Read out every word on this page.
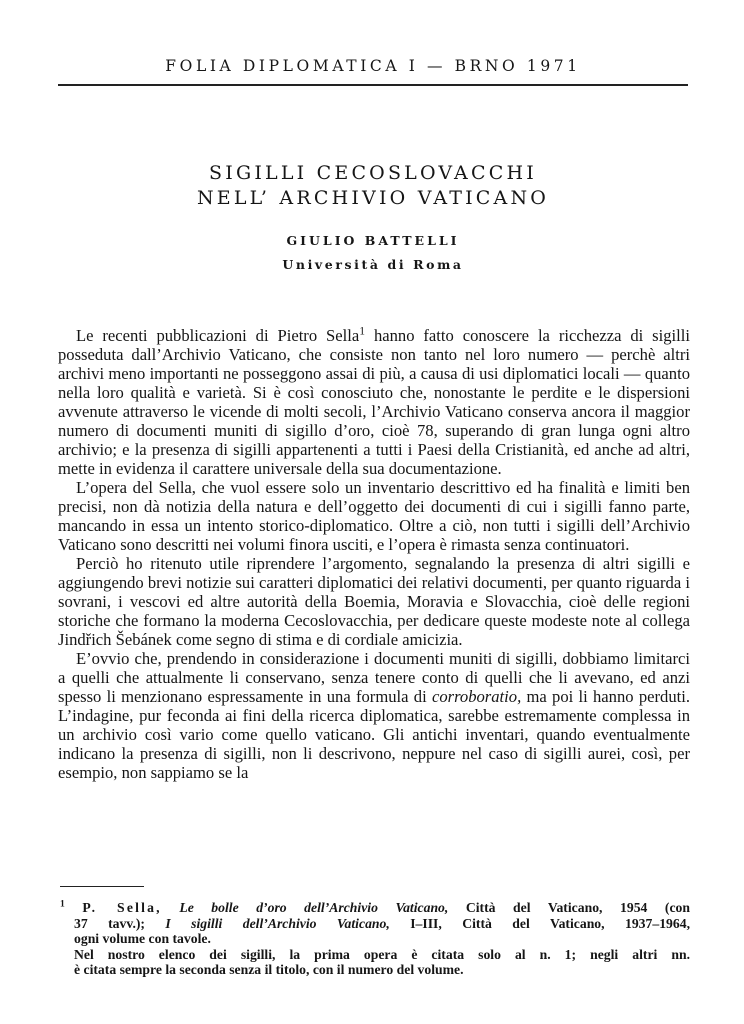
FOLIA DIPLOMATICA I — BRNO 1971
SIGILLI CECOSLOVACCHI
NELL’ ARCHIVIO VATICANO
GIULIO BATTELLI
Università di Roma

Le recenti pubblicazioni di Pietro Sella$^1$ hanno fatto conoscere la ricchezza di sigilli posseduta dall’Archivio Vaticano, che consiste non tanto nel loro numero — perchè altri archivi meno importanti ne posseggono assai di più, a causa di usi diplomatici locali — quanto nella loro qualità e varietà. Si è così conosciuto che, nonostante le perdite e le dispersioni avvenute attraverso le vicende di molti secoli, l’Archivio Vaticano conserva ancora il maggior numero di documenti muniti di sigillo d’oro, cioè 78, superando di gran lunga ogni altro archivio; e la presenza di sigilli appartenenti a tutti i Paesi della Cristianità, ed anche ad altri, mette in evidenza il carattere universale della sua documentazione.

L’opera del Sella, che vuol essere solo un inventario descrittivo ed ha finalità e limiti ben precisi, non dà notizia della natura e dell’oggetto dei documenti di cui i sigilli fanno parte, mancando in essa un intento storico-diplomatico. Oltre a ciò, non tutti i sigilli dell’Archivio Vaticano sono descritti nei volumi finora usciti, e l’opera è rimasta senza continuatori.

Perciò ho ritenuto utile riprendere l’argomento, segnalando la presenza di altri sigilli e aggiungendo brevi notizie sui caratteri diplomatici dei relativi documenti, per quanto riguarda i sovrani, i vescovi ed altre autorità della Boemia, Moravia e Slovacchia, cioè delle regioni storiche che formano la moderna Cecoslovacchia, per dedicare queste modeste note al collega Jindřich Šebánek come segno di stima e di cordiale amicizia.

E’ovvio che, prendendo in considerazione i documenti muniti di sigilli, dobbiamo limitarci a quelli che attualmente li conservano, senza tenere conto di quelli che li avevano, ed anzi spesso li menzionano espressamente in una formula di corroboratio, ma poi li hanno perduti. L’indagine, pur feconda ai fini della ricerca diplomatica, sarebbe estremamente complessa in un archivio così vario come quello vaticano. Gli antichi inventari, quando eventualmente indicano la presenza di sigilli, non li descrivono, neppure nel caso di sigilli aurei, così, per esempio, non sappiamo se la

$^1$ P. Sella, Le bolle d’oro dell’Archivio Vaticano, Città del Vaticano, 1954 (con
37 tavv.); I sigilli dell’Archivio Vaticano, I–III, Città del Vaticano, 1937–1964,
ogni volume con tavole.
Nel nostro elenco dei sigilli, la prima opera è citata solo al n. 1; negli altri nn.
è citata sempre la seconda senza il titolo, con il numero del volume.
